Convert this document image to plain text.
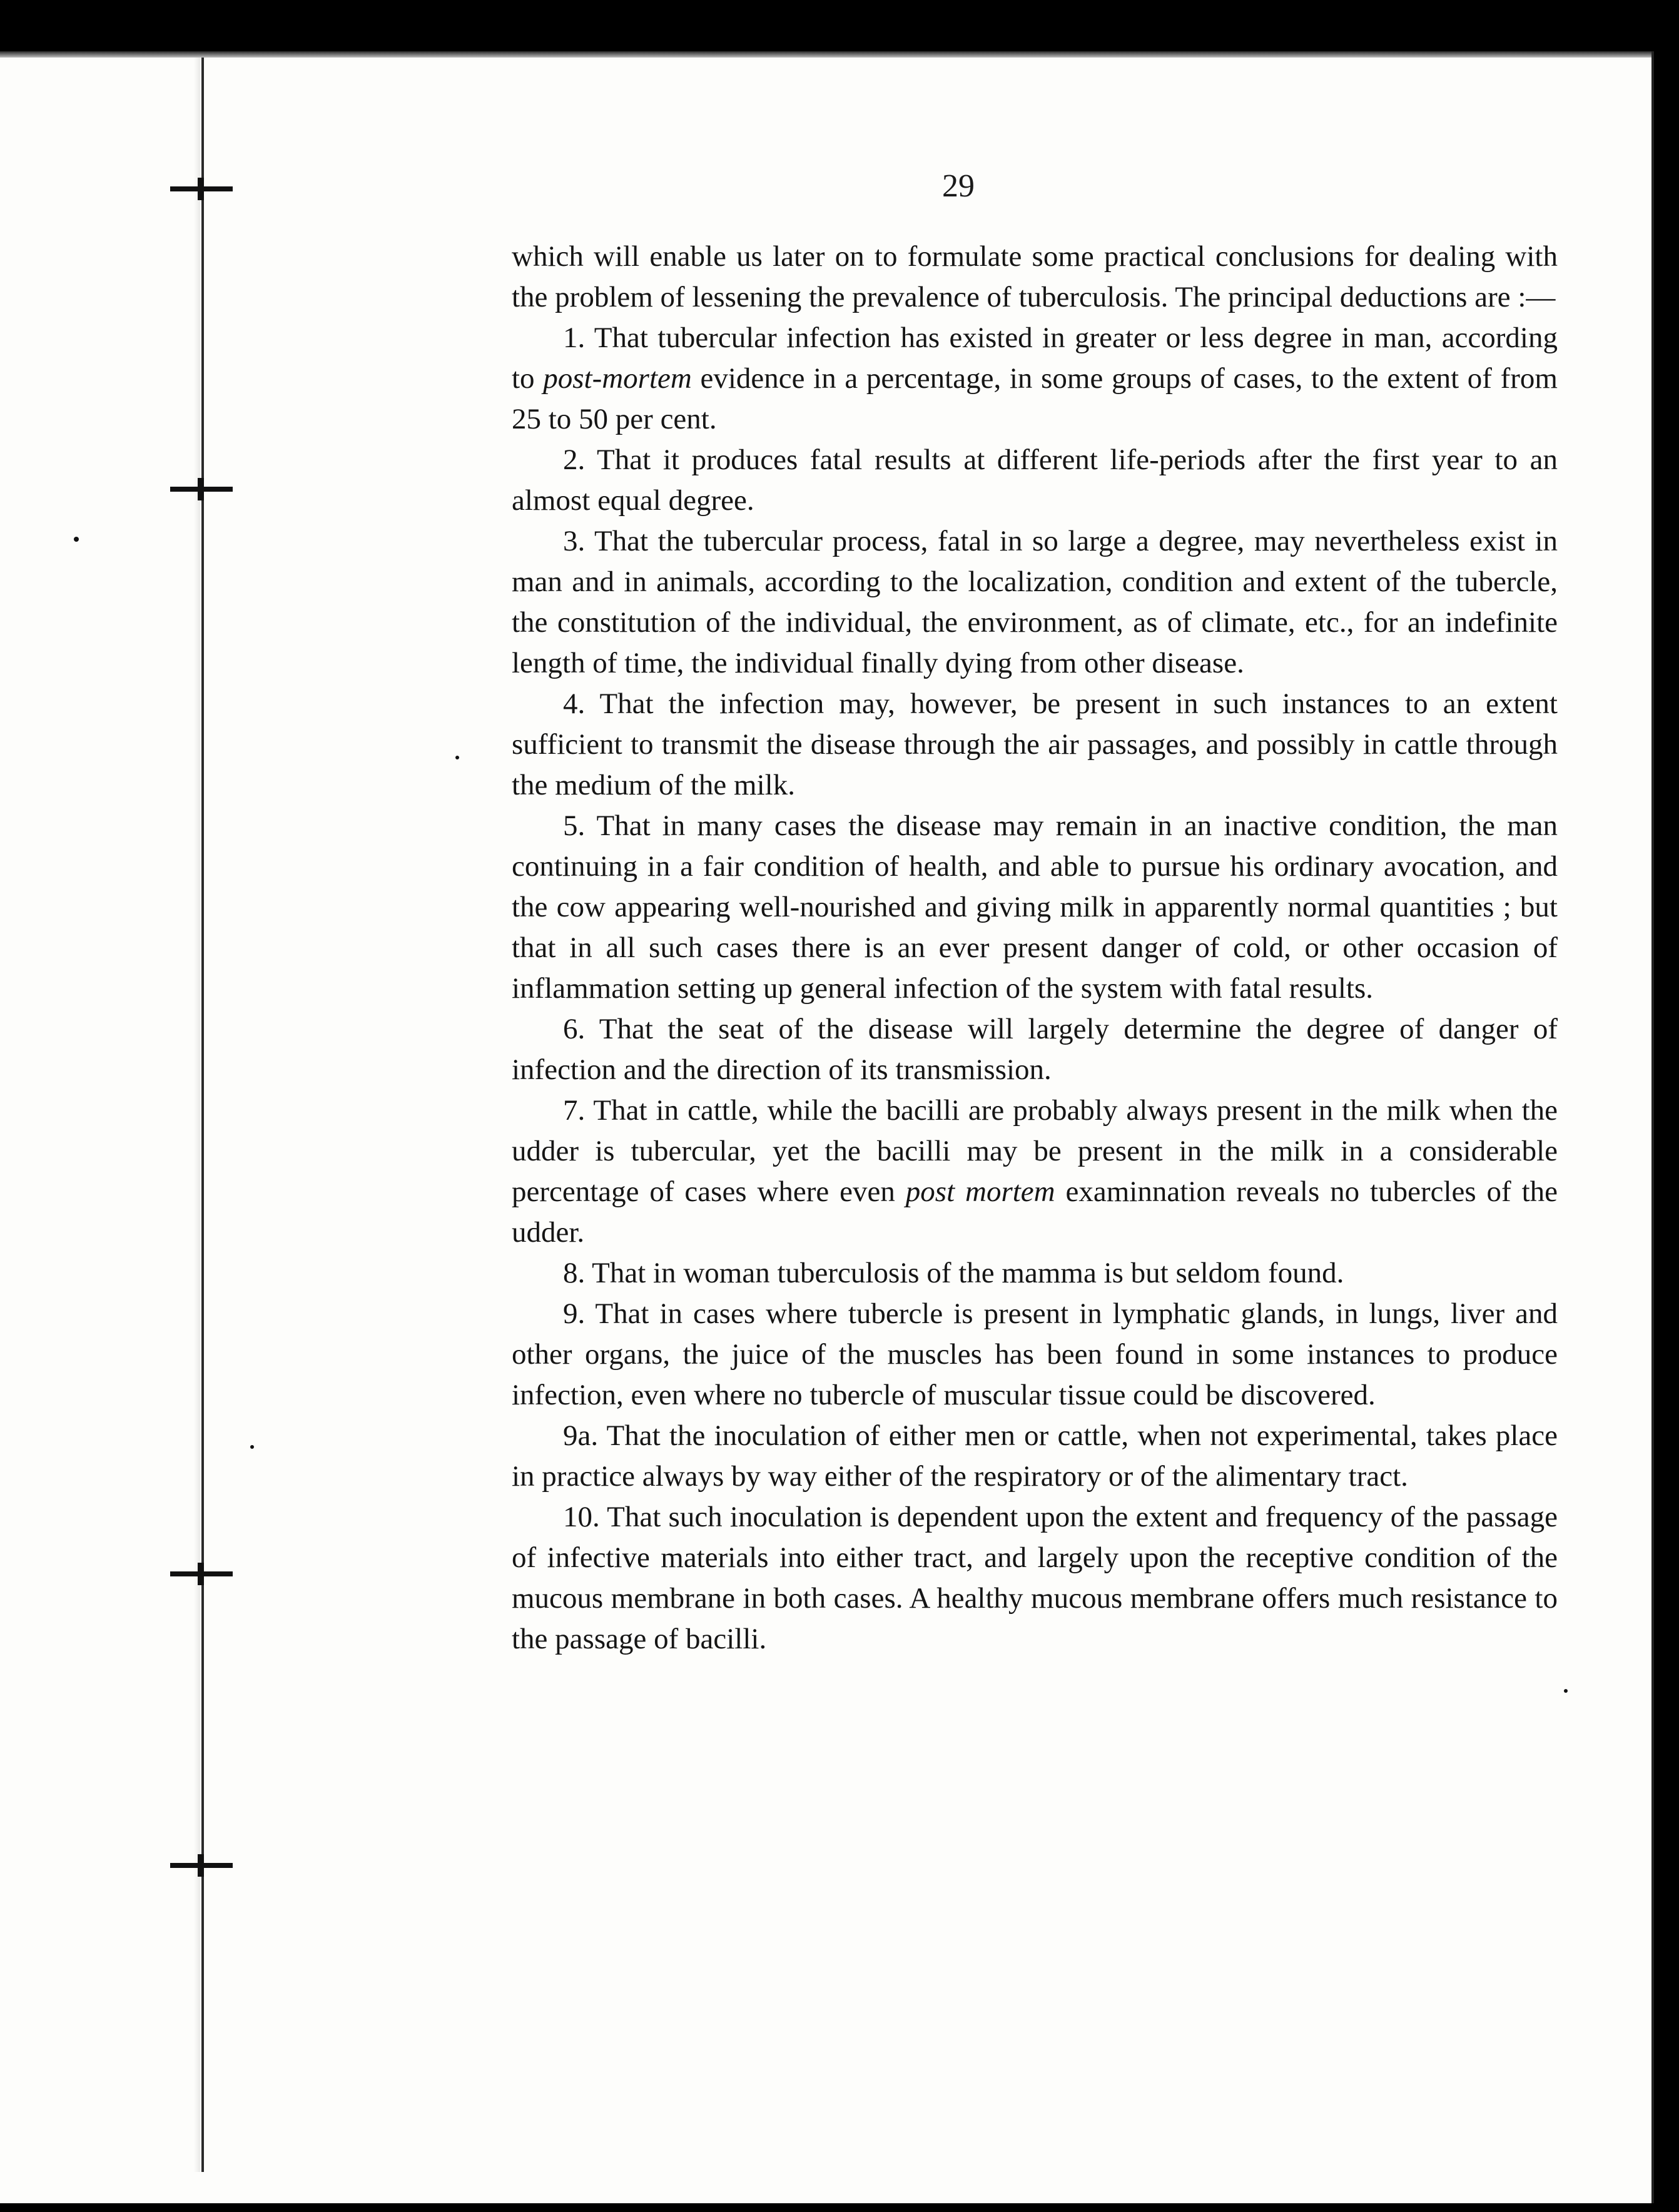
29

which will enable us later on to formulate some practical conclusions for dealing with the problem of lessening the prevalence of tuberculosis. The principal deductions are :—

1. That tubercular infection has existed in greater or less degree in man, according to post-mortem evidence in a percentage, in some groups of cases, to the extent of from 25 to 50 per cent.

2. That it produces fatal results at different life-periods after the first year to an almost equal degree.

3. That the tubercular process, fatal in so large a degree, may nevertheless exist in man and in animals, according to the localization, condition and extent of the tubercle, the constitution of the individual, the environment, as of climate, etc., for an indefinite length of time, the individual finally dying from other disease.

4. That the infection may, however, be present in such instances to an extent sufficient to transmit the disease through the air passages, and possibly in cattle through the medium of the milk.

5. That in many cases the disease may remain in an inactive condition, the man continuing in a fair condition of health, and able to pursue his ordinary avocation, and the cow appearing well-nourished and giving milk in apparently normal quantities ; but that in all such cases there is an ever present danger of cold, or other occasion of inflammation setting up general infection of the system with fatal results.

6. That the seat of the disease will largely determine the degree of danger of infection and the direction of its transmission.

7. That in cattle, while the bacilli are probably always present in the milk when the udder is tubercular, yet the bacilli may be present in the milk in a considerable percentage of cases where even post mortem examinnation reveals no tubercles of the udder.

8. That in woman tuberculosis of the mamma is but seldom found.

9. That in cases where tubercle is present in lymphatic glands, in lungs, liver and other organs, the juice of the muscles has been found in some instances to produce infection, even where no tubercle of muscular tissue could be discovered.

9a. That the inoculation of either men or cattle, when not experimental, takes place in practice always by way either of the respiratory or of the alimentary tract.

10. That such inoculation is dependent upon the extent and frequency of the passage of infective materials into either tract, and largely upon the receptive condition of the mucous membrane in both cases. A healthy mucous membrane offers much resistance to the passage of bacilli.
